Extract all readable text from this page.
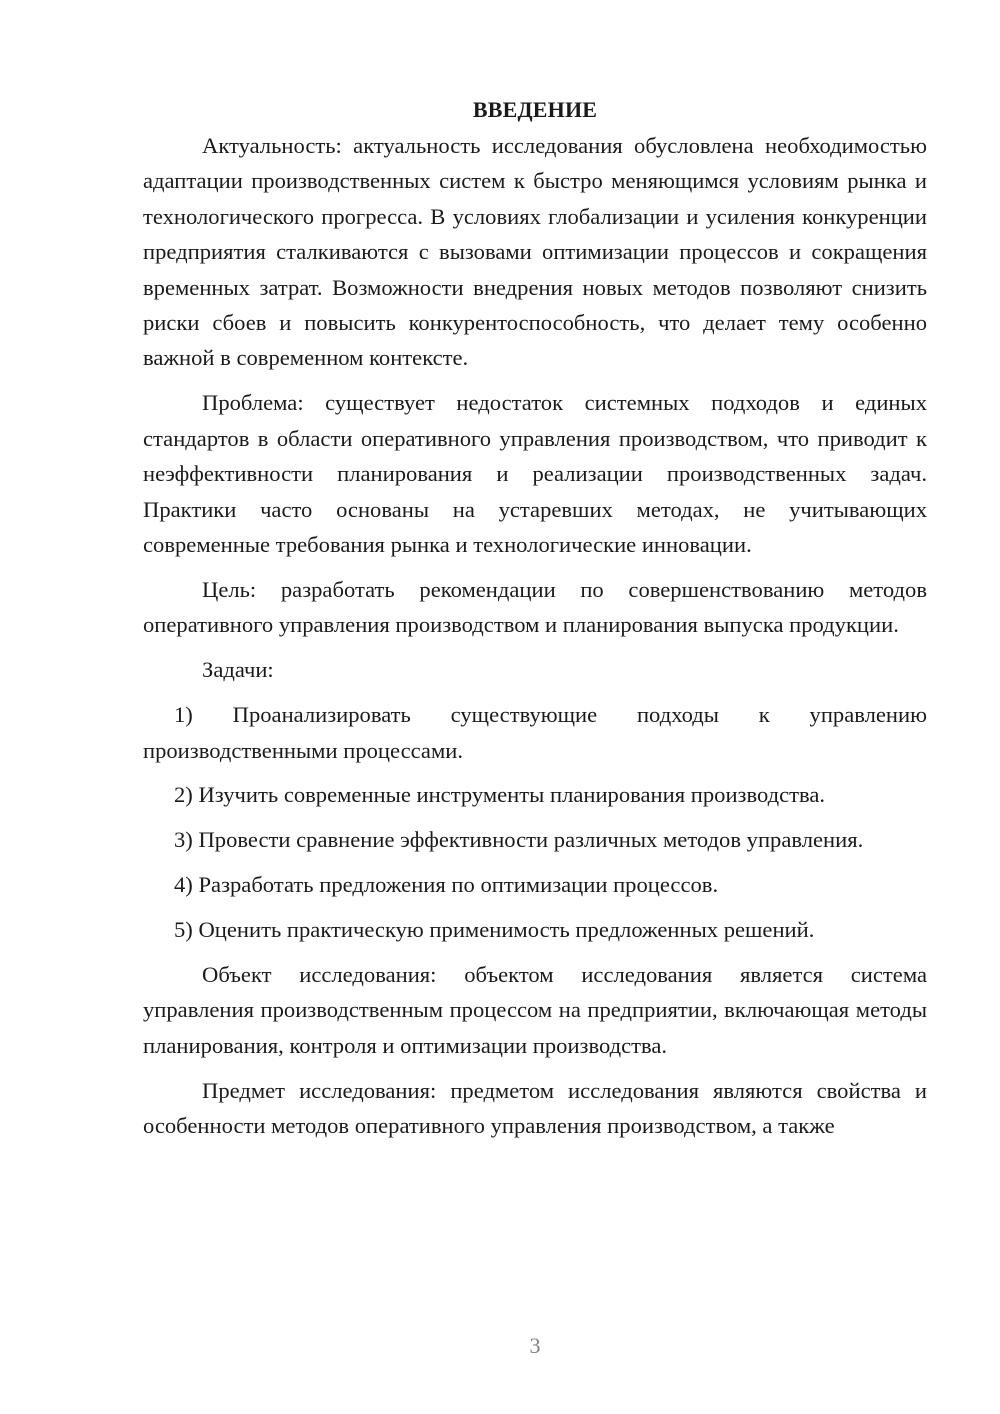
ВВЕДЕНИЕ

Актуальность: актуальность исследования обусловлена необходимостью адаптации производственных систем к быстро меняющимся условиям рынка и технологического прогресса. В условиях глобализации и усиления конкуренции предприятия сталкиваются с вызовами оптимизации процессов и сокращения временных затрат. Возможности внедрения новых методов позволяют снизить риски сбоев и повысить конкурентоспособность, что делает тему особенно важной в современном контексте.

Проблема: существует недостаток системных подходов и единых стандартов в области оперативного управления производством, что приводит к неэффективности планирования и реализации производственных задач. Практики часто основаны на устаревших методах, не учитывающих современные требования рынка и технологические инновации.

Цель: разработать рекомендации по совершенствованию методов оперативного управления производством и планирования выпуска продукции.

Задачи:

1) Проанализировать существующие подходы к управлению производственными процессами.

2) Изучить современные инструменты планирования производства.

3) Провести сравнение эффективности различных методов управления.

4) Разработать предложения по оптимизации процессов.

5) Оценить практическую применимость предложенных решений.

Объект исследования: объектом исследования является система управления производственным процессом на предприятии, включающая методы планирования, контроля и оптимизации производства.

Предмет исследования: предметом исследования являются свойства и особенности методов оперативного управления производством, а также

3
